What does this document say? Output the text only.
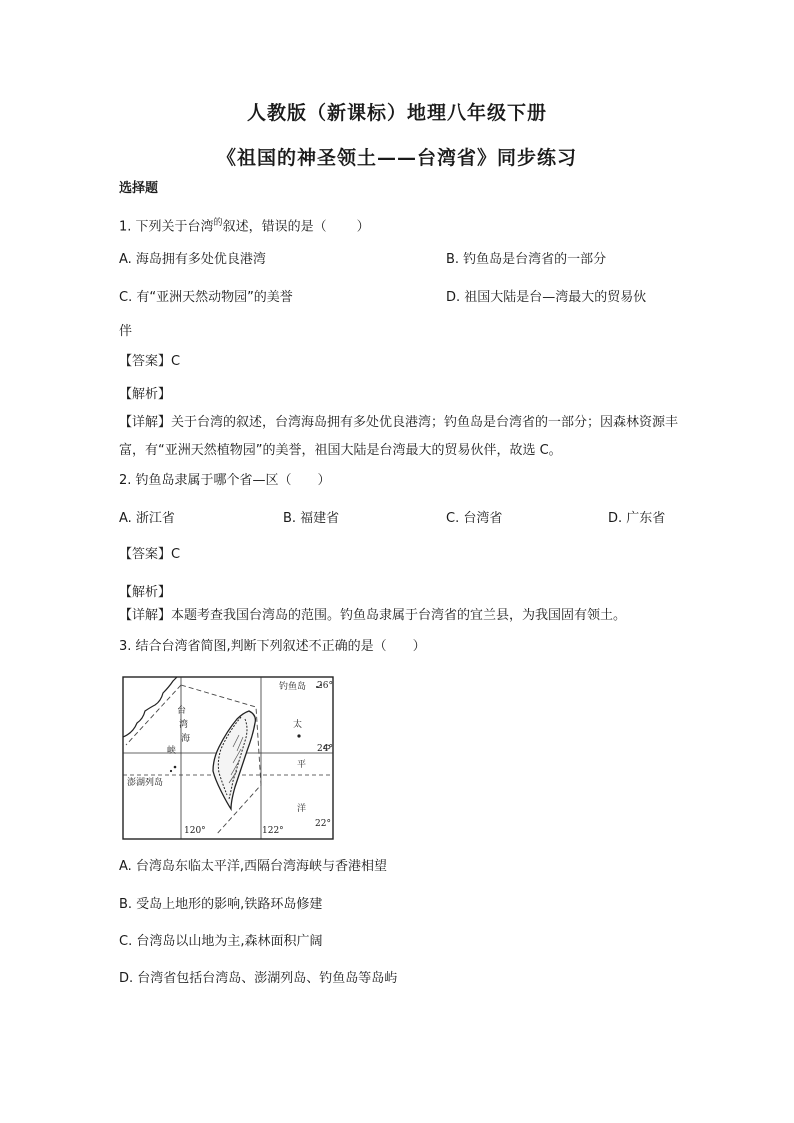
人教版（新课标）地理八年级下册
《祖国的神圣领土——台湾省》同步练习
选择题
1. 下列关于台湾$^的$叙述，错误的是（ ）
A. 海岛拥有多处优良港湾	B. 钓鱼岛是台湾省的一部分
C. 有“亚洲天然动物园”的美誉	D. 祖国大陆是台—湾最大的贸易伙
伴
【答案】C
【解析】
【详解】关于台湾的叙述，台湾海岛拥有多处优良港湾；钓鱼岛是台湾省的一部分；因森林资源丰富，有“亚洲天然植物园”的美誉，祖国大陆是台湾最大的贸易伙伴，故选 C。
2. 钓鱼岛隶属于哪个省—区（　　）
A. 浙江省	B. 福建省	C. 台湾省	D. 广东省
【答案】C
【解析】
【详解】本题考查我国台湾岛的范围。钓鱼岛隶属于台湾省的宜兰县，为我国固有领土。
3. 结合台湾省简图,判断下列叙述不正确的是（　　）
钓鱼岛 26°
24°
22°
120°	122°
澎湖列岛
太
平
洋
台
湾
海
峡
A. 台湾岛东临太平洋,西隔台湾海峡与香港相望
B. 受岛上地形的影响,铁路环岛修建
C. 台湾岛以山地为主,森林面积广阔
D. 台湾省包括台湾岛、澎湖列岛、钓鱼岛等岛屿
